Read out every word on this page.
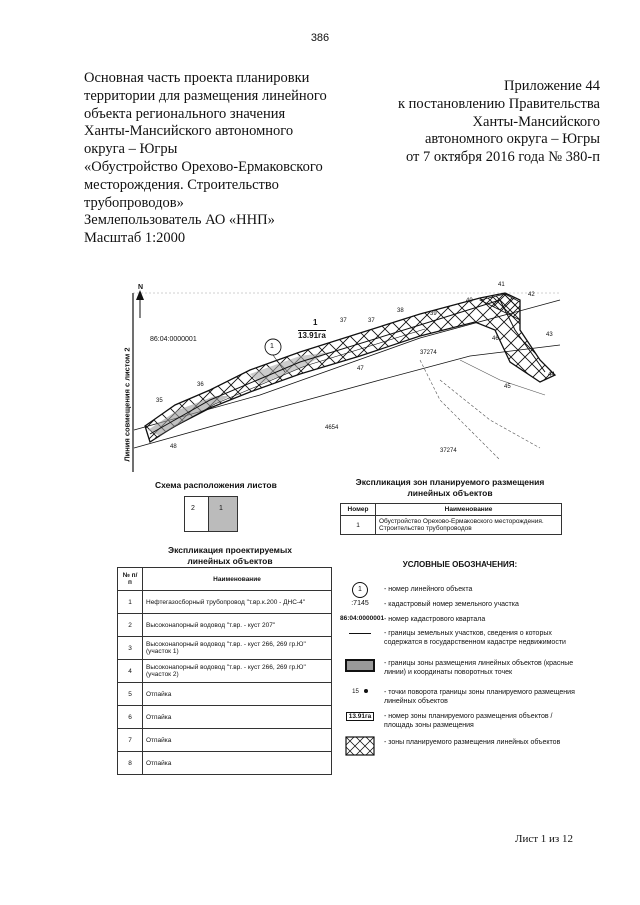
386
Основная часть проекта планировки
территории для размещения линейного
объекта регионального значения
Ханты-Мансийского автономного
округа – Югры
«Обустройство Орехово-Ермаковского
месторождения. Строительство
трубопроводов»
Землепользователь АО «ННП»
Масштаб 1:2000
Приложение 44
к постановлению Правительства
Ханты-Мансийского
автономного округа – Югры
от 7 октября 2016 года № 380-п
N
Линия совмещения с листом 2
86:04:0000001
1
1
13.91га
37274
4654
37274
37
35
36
37
38	39
40
41
42
43
44
45
46
47
48
Схема расположения листов
2	1
Экспликация зон планируемого размещения линейных объектов
Номер	Наименование
1	Обустройство Орехово-Ермаковского месторождения. Строительство трубопроводов
Экспликация проектируемых линейных объектов
№ п/п	Наименование
1	Нефтегазосборный трубопровод "т.вр.к.200 - ДНС-4"
2	Высоконапорный водовод "т.вр. - куст 207"
3	Высоконапорный водовод "т.вр. - куст 266, 269 гр.Ю" (участок 1)
4	Высоконапорный водовод "т.вр. - куст 266, 269 гр.Ю" (участок 2)
5	Отпайка
6	Отпайка
7	Отпайка
8	Отпайка
УСЛОВНЫЕ ОБОЗНАЧЕНИЯ:
1	- номер линейного объекта
:7145	- кадастровый номер земельного участка
86:04:0000001 - номер кадастрового квартала
- границы земельных участков, сведения о которых содержатся в государственном кадастре недвижимости
- границы зоны размещения линейных объектов (красные линии) и координаты поворотных точек
15	- точки поворота границы зоны планируемого размещения линейных объектов
13.91га	- номер зоны планируемого размещения объектов /площадь зоны размещения
- зоны планируемого размещения линейных объектов
Лист 1 из 12
